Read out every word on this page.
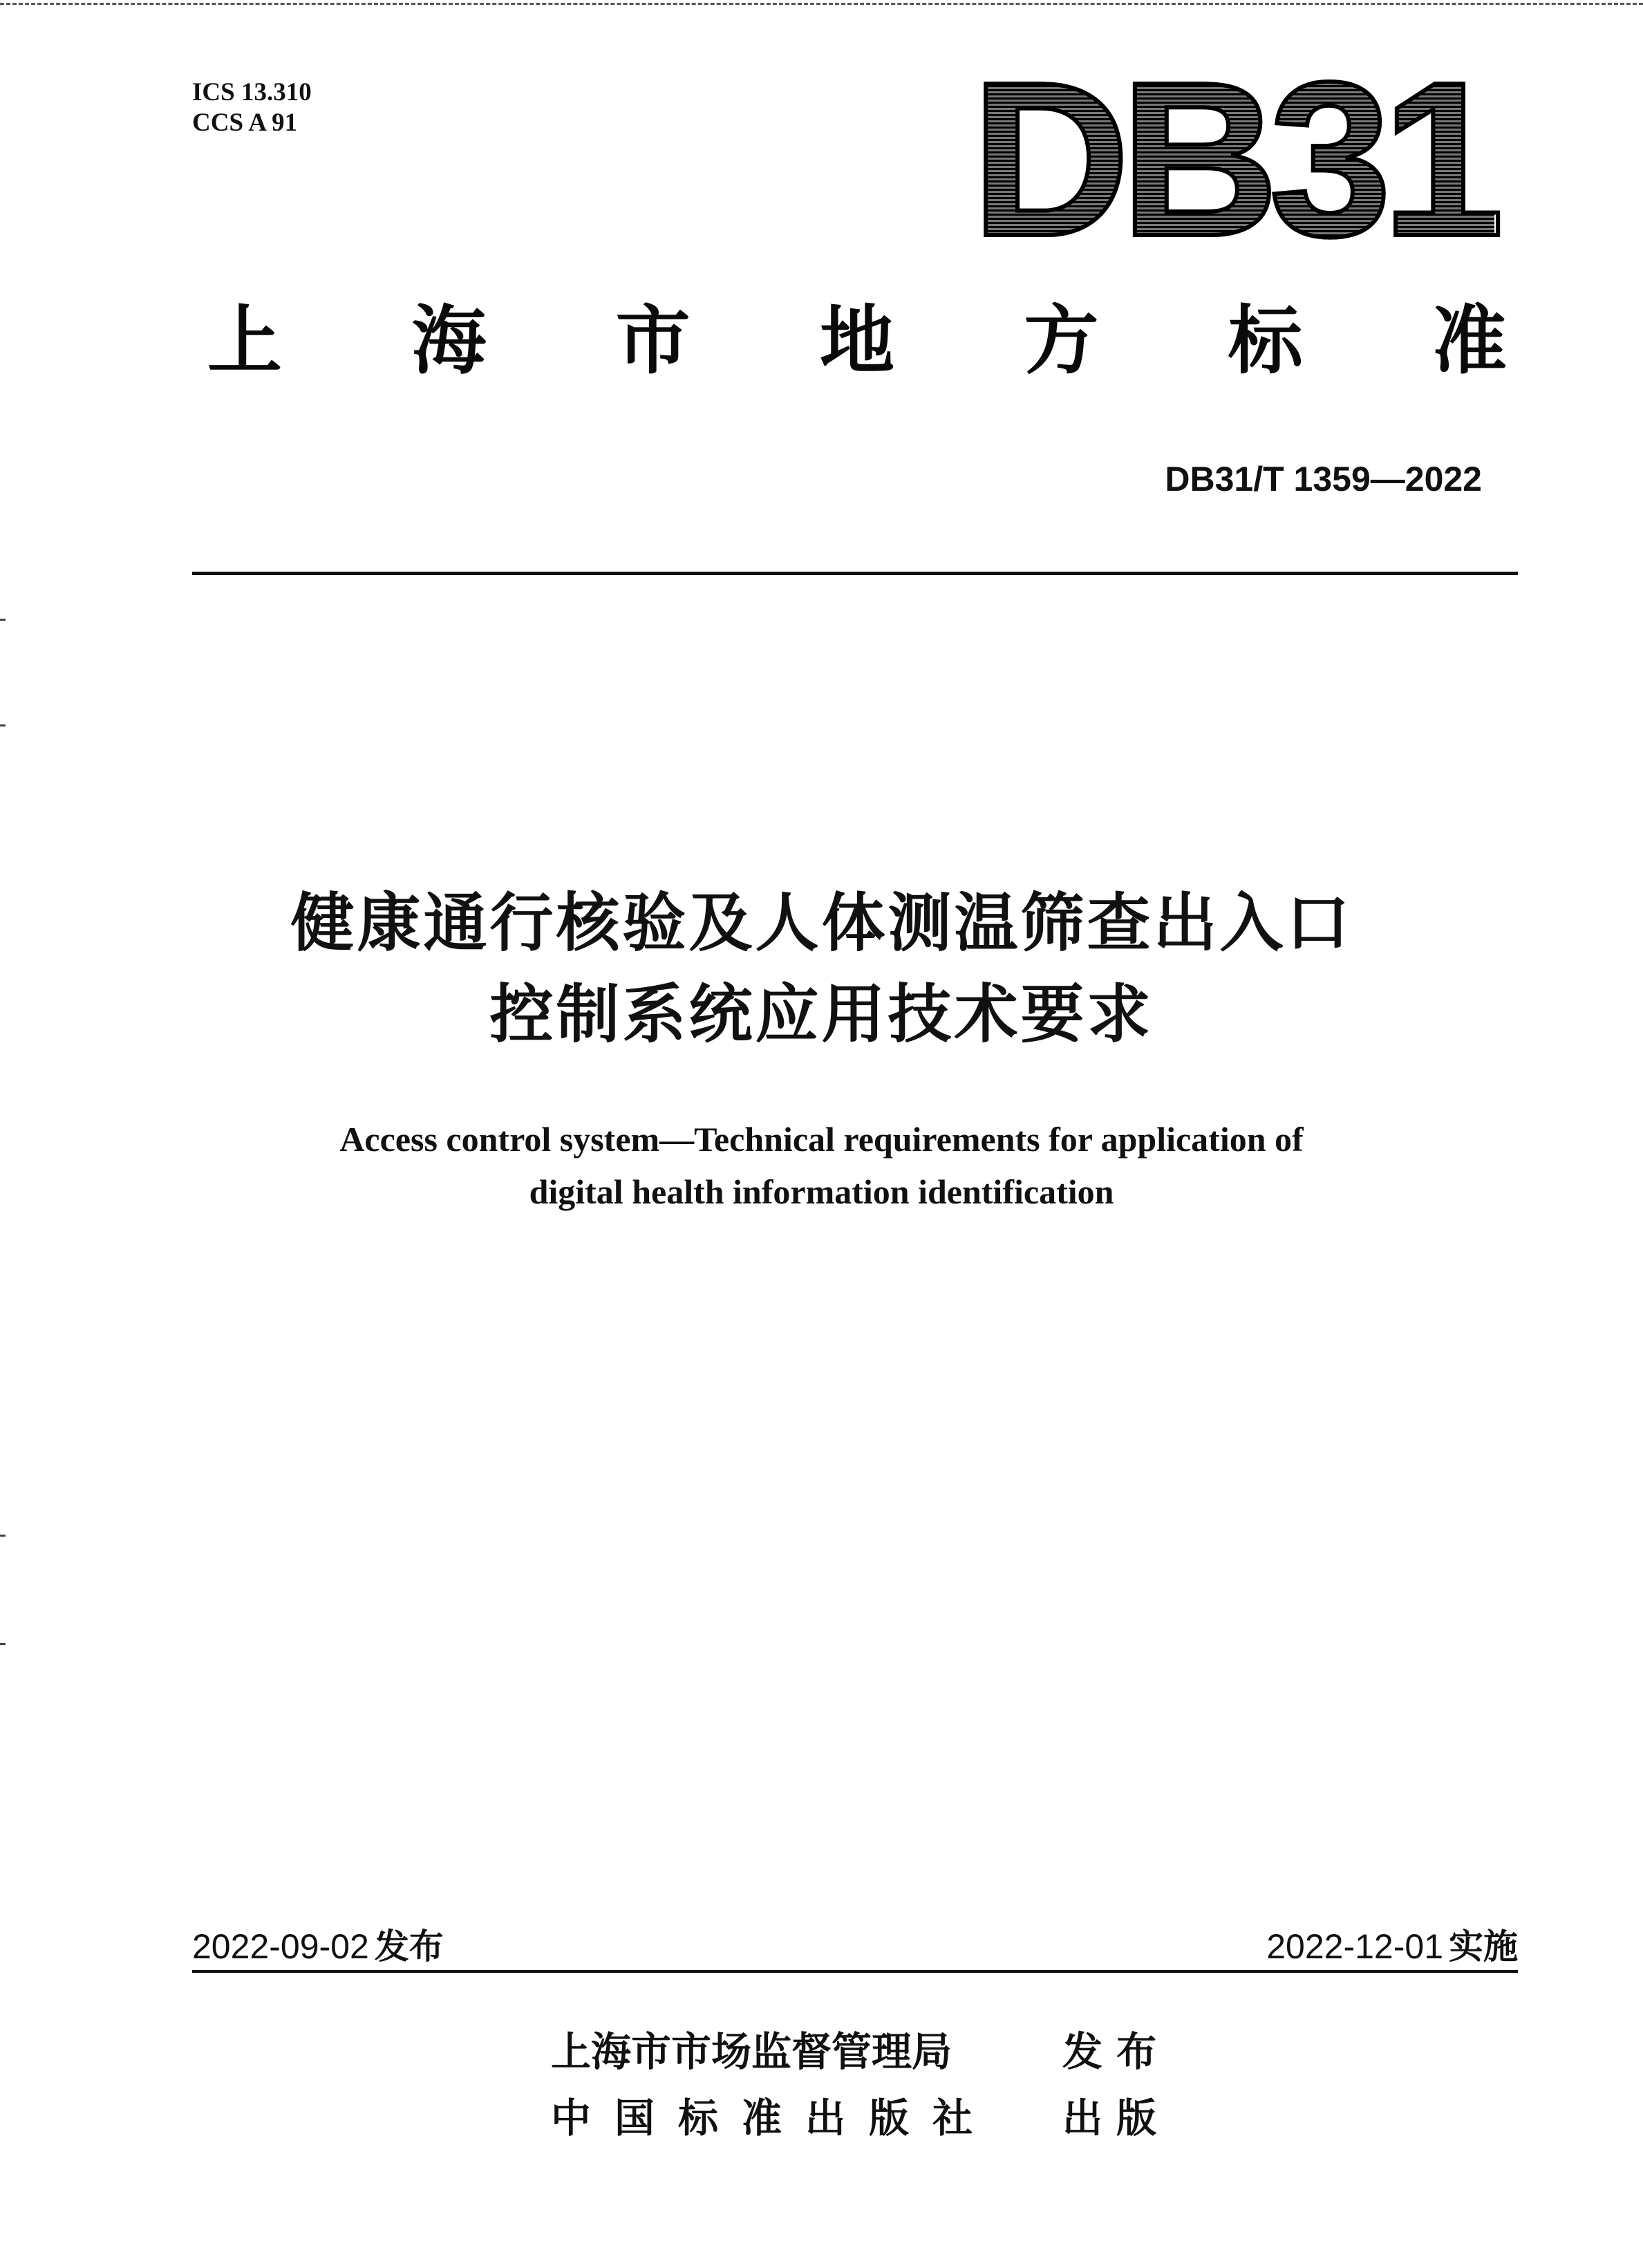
ICS 13.310
CCS A 91	DB31
上 海 市 地 方 标 准
DB31/T 1359—2022
健康通行核验及人体测温筛查出入口
控制系统应用技术要求
Access control system—Technical requirements for application of
digital health information identification
2022-09-02 发布	2022-12-01 实施
上海市市场监督管理局	发布
中国标准出版社 出版
